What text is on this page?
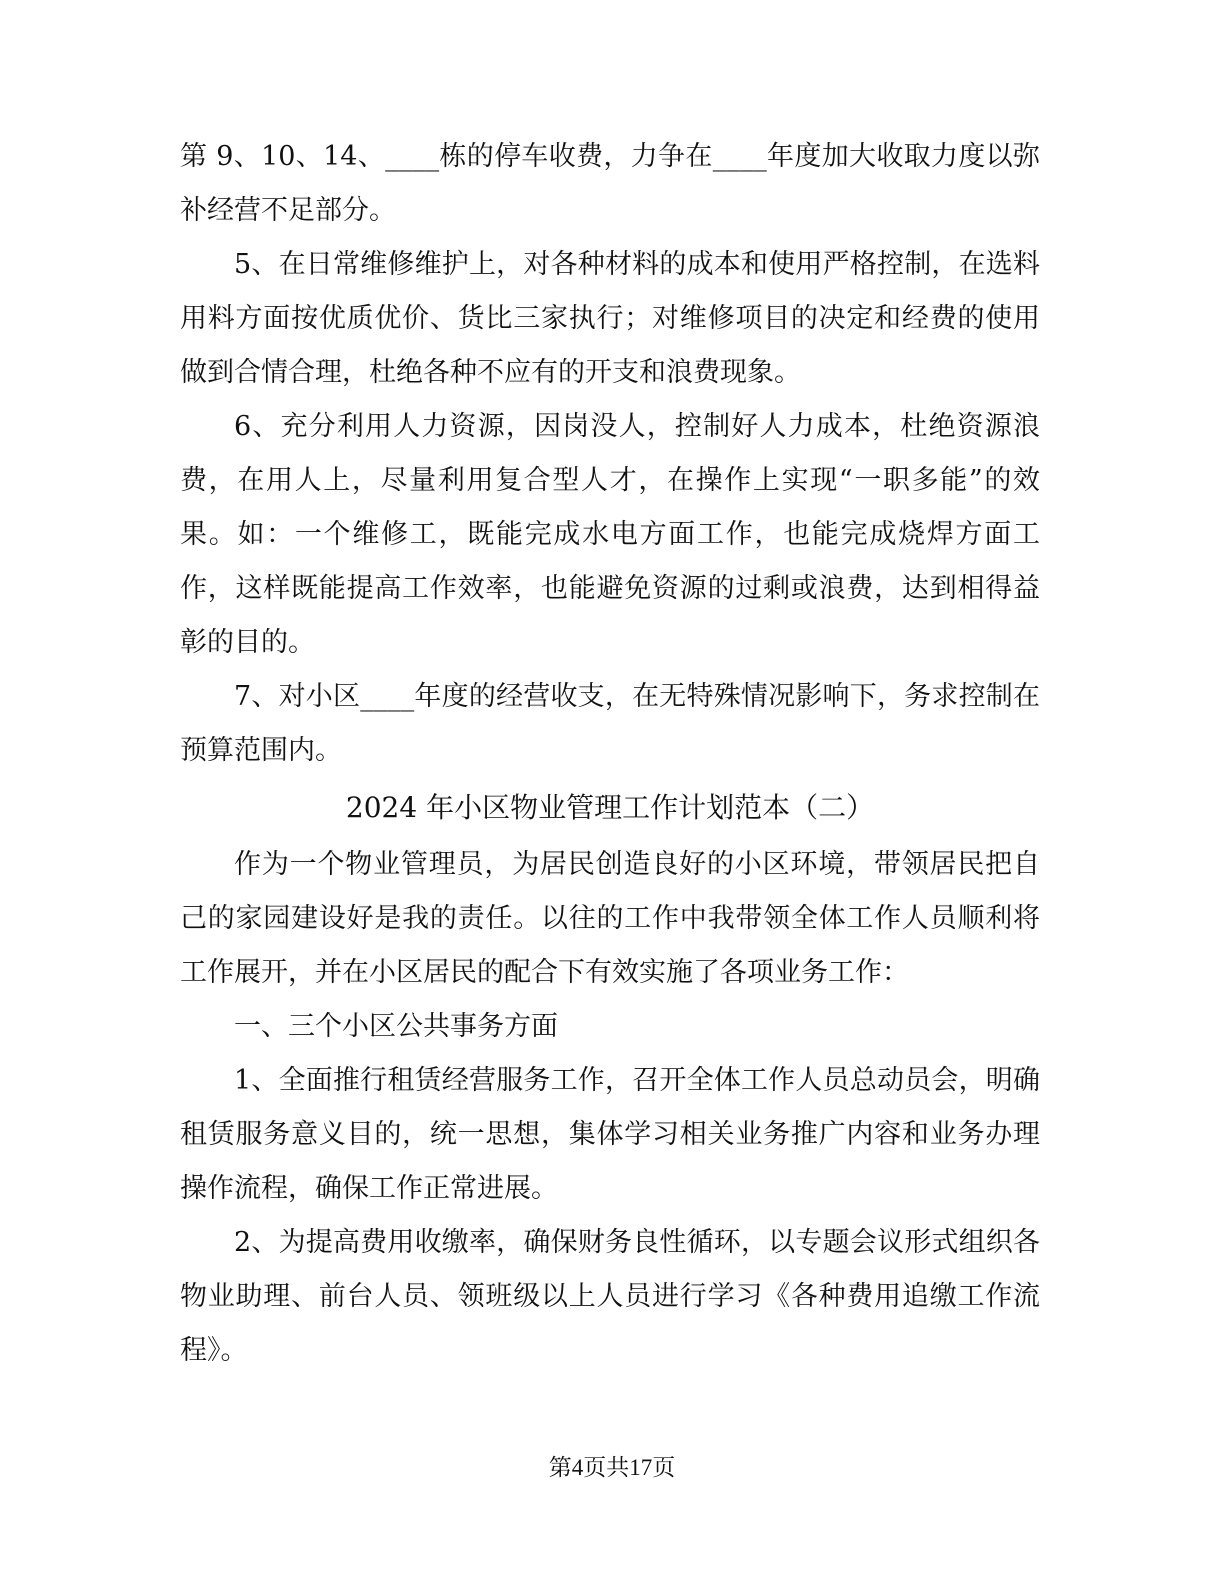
第 9、10、14、____栋的停车收费，力争在____年度加大收取力度以弥补经营不足部分。

5、在日常维修维护上，对各种材料的成本和使用严格控制，在选料用料方面按优质优价、货比三家执行；对维修项目的决定和经费的使用做到合情合理，杜绝各种不应有的开支和浪费现象。

6、充分利用人力资源，因岗没人，控制好人力成本，杜绝资源浪费，在用人上，尽量利用复合型人才，在操作上实现“一职多能”的效果。如：一个维修工，既能完成水电方面工作，也能完成烧焊方面工作，这样既能提高工作效率，也能避免资源的过剩或浪费，达到相得益彰的目的。

7、对小区____年度的经营收支，在无特殊情况影响下，务求控制在预算范围内。

2024 年小区物业管理工作计划范本（二）

作为一个物业管理员，为居民创造良好的小区环境，带领居民把自己的家园建设好是我的责任。以往的工作中我带领全体工作人员顺利将工作展开，并在小区居民的配合下有效实施了各项业务工作：

一、三个小区公共事务方面

1、全面推行租赁经营服务工作，召开全体工作人员总动员会，明确租赁服务意义目的，统一思想，集体学习相关业务推广内容和业务办理操作流程，确保工作正常进展。

2、为提高费用收缴率，确保财务良性循环，以专题会议形式组织各物业助理、前台人员、领班级以上人员进行学习《各种费用追缴工作流程》。

第4页共17页
